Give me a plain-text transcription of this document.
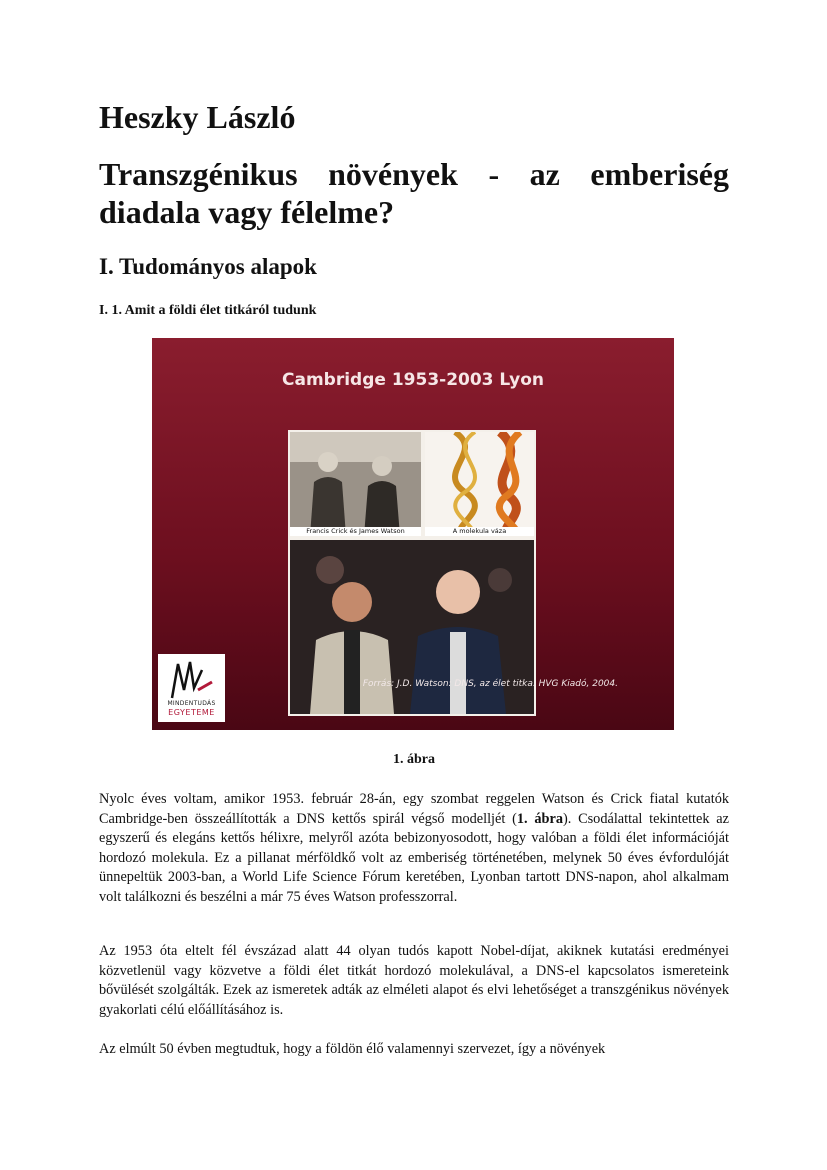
Heszky László
Transzgénikus növények - az emberiség diadala vagy félelme?
I. Tudományos alapok
I. 1. Amit a földi élet titkáról tudunk
Cambridge 1953-2003 Lyon
Francis Crick és James Watson	A molekula váza
Forrás: J.D. Watson: DNS, az élet titka. HVG Kiadó, 2004.
MINDENTUDÁS
EGYETEME
1. ábra

Nyolc éves voltam, amikor 1953. február 28-án, egy szombat reggelen Watson és Crick fiatal kutatók Cambridge-ben összeállították a DNS kettős spirál végső modelljét (1. ábra). Csodálattal tekintettek az egyszerű és elegáns kettős hélixre, melyről azóta bebizonyosodott, hogy valóban a földi élet információját hordozó molekula. Ez a pillanat mérföldkő volt az emberiség történetében, melynek 50 éves évfordulóját ünnepeltük 2003-ban, a World Life Science Fórum keretében, Lyonban tartott DNS-napon, ahol alkalmam volt találkozni és beszélni a már 75 éves Watson professzorral.

Az 1953 óta eltelt fél évszázad alatt 44 olyan tudós kapott Nobel-díjat, akiknek kutatási eredményei közvetlenül vagy közvetve a földi élet titkát hordozó molekulával, a DNS-el kapcsolatos ismereteink bővülését szolgálták. Ezek az ismeretek adták az elméleti alapot és elvi lehetőséget a transzgénikus növények gyakorlati célú előállításához is.

Az elmúlt 50 évben megtudtuk, hogy a földön élő valamennyi szervezet, így a növények
